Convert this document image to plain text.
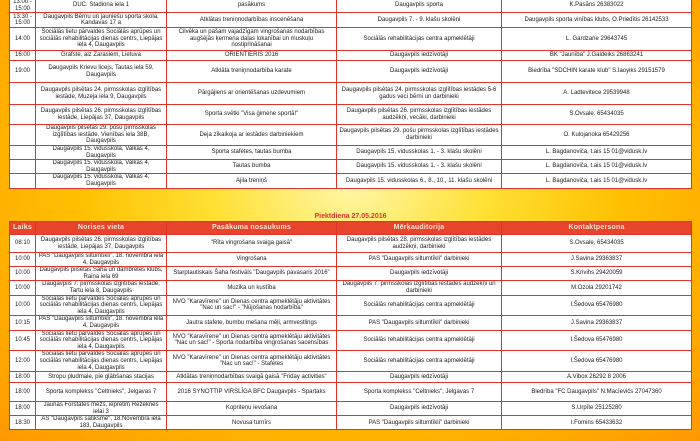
13:00 - 15:00	DUC. Stadiona iela 1	pasākums	Daugavpils sporta	K.Pasāns 26383022
13:30 - 15:00	Daugavpils Bērnu un jauniešu sporta skola, Kandavas 17 a	Atklātas treniņnodarbības inscenēšana	Daugavpils 7. - 9. klašu skolēni	Daugavpils sporta vinības klubs, O.Priedītis 26142533
14:00	Sociālās lietu pārvaldes Sociālās aprūpes un sociālās rehabilitācijas dienas centrs, Liepājas iela 4, Daugavpils	Cilvēka un pašam vajadzīgam vingrošanas nodarbības augšējās ķermeņa daļas lokanībai un muskuļu nostiprināšanai	Sociālās rehabilitācijas centra apmeklētāji	L. Gardzane 29643745
16:00	Grafste, alz Zarasiem, Lietuva	ORIENTIERIS 2016	Daugavpils iedzīvotāji	BK "Jaunība" J.Galdeiks 26863241
19:00	Daugavpils Krievu licejs, Tautas iela 59, Daugavpils	Atklāta treniņnodarbība karate	Daugavpils iedzīvotāji	Biedrība "SDCHIN karate klub" S.Iaoyiks 29151579
	Daugavpils pilsētas 24. pirmsskolas izglītības iestāde, Muzeja iela 9, Daugavpils	Pārgājiens ar orientēšanas uzdevumiem	Daugavpils pilsētas 24. pirmsskolas izglītības iestādes 5-6 gadus veci bērni un darbinieki	A. Ladtevitece 29539948
	Daugavpils pilsētas 26. pirmsskolas izglītības iestāde, Liepājas 37, Daugavpils	Sporta svētki "Visa ģimene sportā!"	Daugavpils pilsētas 26. pirmsskolas izglītības iestādes audzēkņi, vecāki, darbinieki	S.Ovsale. 65434035
	Daugavpils pilsētas 29. pošu pirmsskolas izglītības iestāde, Vienības iela 38B, Daugavpils	Deja zīkaikoja ar iestādes darbiniekiem	Daugavpils pilsētas 29. pošu pirmsskolas izglītības iestādes darbinieki	O. Kulojanoka 65429256
	Daugavpils 15. vidusskola, Valkas 4, Daugavpils	Sporta stafetes, tautas bumba	Daugavpils 15. vidusskolas 1. - 3. klašu skolēni	L. Bagdanoviča, t.ais 15 01@vidusk.lv
	Daugavpils 15. vidusskola, Valkas 4, Daugavpils	Tautas bumba	Daugavpils 15. vidusskolas 1. - 3. klašu skolēni	L. Bagdanoviča, t.ais 15 01@vidusk.lv
	Daugavpils 15. vidusskola, Valkas 4, Daugavpils	Ajila treniņš	Daugavpils 15. vidusskolas 6., 8., 10., 11. klašu skolēni	L. Bagdanoviča, t.ais 15 01@vidusk.lv
Piektdiena 27.05.2016
Laiks	Norises vieta	Pasākuma nosaukums	Mērķauditorija	Kontaktpersona
08:10	Daugavpils pilsētas 26. pirmsskolas izglītības iestāde, Liepājas 37, Daugavpils	"Rīta vingrošana svaiga gaisā"	Daugavpils pilsētas 28. pirmsskolas izglītības iestādes audzēkņi, darbinieki	S.Ovsale, 65434035
10:00	PAS "Daugavpils siltumtīkli", 18. novembra iela 4, Daugavpils	Vingrošana	PAS "Daugavpils siltumtīkli" darbinieki	J.Savina 29363837
10:00	Daugavpils pilsētas Šaha un dambretes klubs, Raiņa iela 69	Starptautiskais Šaha festivāls "Daugavpils pavasaris 2016"	Daugavpils iedzīvotāji	S.Krivihs 29420059
10:00	Daugavpils 7. pirmsskolas izglītības iestāde, Tartu iela 8, Daugavpils	Muzika un kustība	Daugavpils 7. pirmsskolas izglītības iestādes audzēkņi un darbinieki	M.Ozola 29201742
10:00	Sociālās lietu pārvaldes Sociālās aprūpes un sociālās rehabilitācijas dienas centrs, Liepājas iela 4, Daugavpils	NVO "Karavīrene" un Dienas centra apmeklētāju aktivitātes "Nac un sac!" - "Nūjošanas nodarbība"	Sociālās rehabilitācijas centra apmeklētāji	I.Šedova 65476980
10:15	PAS "Daugavpils siltumtīkli", 18. novembra iela 4, Daugavpils	Jautra stafete, bumbu mešana mēļi, armvestlings	PAS "Daugavpils siltumtīkli" darbinieki	J.Savina 29363837
10:45	Sociālās lietu pārvaldes Sociālās aprūpes un sociālās rehabilitācijas dienas centrs, Liepājas iela 4, Daugavpils	NVO "Karavīrene" un Dienas centra apmeklētāju aktivitātes "Nac un sac!" - Sporta nodarbība vingrošanas sacensības	Sociālās rehabilitācijas centra apmeklētāji	I.Šedova 65476980
12:00	Sociālās lietu pārvaldes Sociālās aprūpes un sociālās rehabilitācijas dienas centrs, Liepājas iela 4, Daugavpils	NVO "Karavīrene" un Dienas centra apmeklētāju aktivitātes "Nac un sac!" - Stafetes	Sociālās rehabilitācijas centra apmeklētāji	I.Šedova 65476980
18:00	Stropu pludmale, pie glābšanas stacijas	Atklātas treniņnodarbības svaigā gaisā "Friday activities"	Daugavpils iedzīvotāji	A.Vibox 26292 8 2006
18:00	Sporta komplekss "Celtnieks", Jelgavas 7	2016 SYNOTTIP VIRSLĪGA BFC Daugavpils - Spartaks	Sporta komplekss "Celtnieks", Jelgavas 7	Biedrība "FC Daugavpils" N.Macīevičs 27047360
18:00	Jaunas Forštates mežs, iepretim Rēzeknes ielai 3	Kopriteņu ievošana	Daugavpils iedzīvotāji	S.Urpīte 25125280
18:30	AS "Daugavpils satiksme", 18.Novembra iela 183, Daugavpils	Novusa turnīrs	PAS "Daugavpils siltumtīkli" darbinieki	I.Fomins 65433632
